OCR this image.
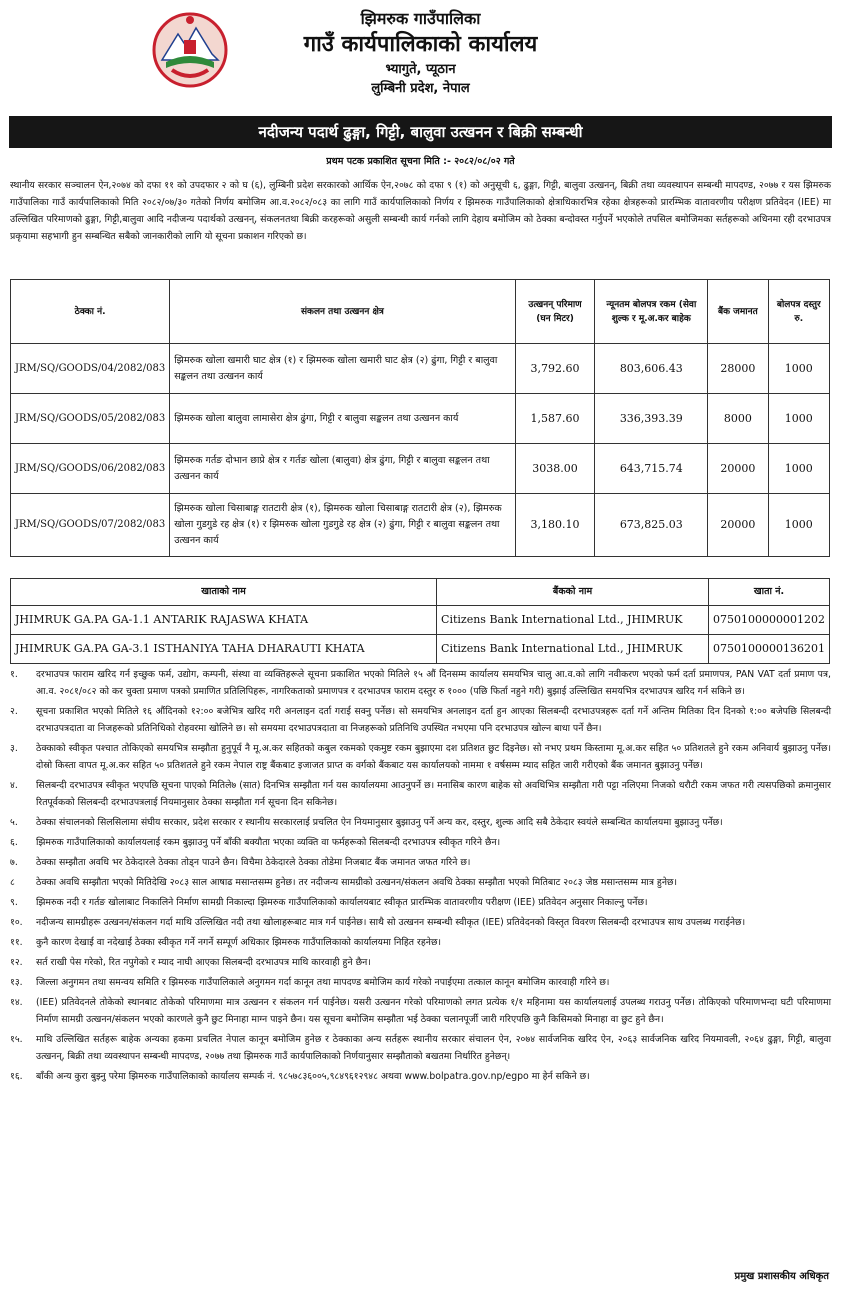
झिमरुक गाउँपालिका
गाउँ कार्यपालिकाको कार्यालय
भ्यागुते, प्यूठान
लुम्बिनी प्रदेश, नेपाल
नदीजन्य पदार्थ ढुङ्गा, गिट्टी, बालुवा उत्खनन र बिक्री सम्बन्धी
प्रथम पटक प्रकाशित सूचना मिति :- २०८२/०८/०२ गते
स्थानीय सरकार सञ्चालन ऐन,२०७४ को दफा ११ को उपदफार २ को घ (६), लुम्बिनी प्रदेश सरकारको आर्थिक ऐन,२०७८ को दफा ९ (१) को अनुसूची ६, ढुङ्गा, गिट्टी, बालुवा उत्खनन्, बिक्री तथा व्यवस्थापन सम्बन्धी मापदण्ड, २०७७ र यस झिमरुक गाउँपालिका गाउँ कार्यपालिकाको मिति २०८२/०७/३० गतेको निर्णय बमोजिम आ.व.२०८२/०८३ का लागि गाउँ कार्यपालिकाको निर्णय र झिमरुक गाउँपालिकाको क्षेत्राधिकारभित्र रहेका क्षेत्रहरूको प्रारम्भिक वातावरणीय परीक्षण प्रतिवेदन (IEE) मा उल्लिखित परिमाणको ढुङ्गा, गिट्टी,बालुवा आदि नदीजन्य पदार्थको उत्खनन्, संकलनतथा बिक्री करहरूको असुली सम्बन्धी कार्य गर्नको लागि देहाय बमोजिम को ठेक्का बन्दोवस्त गर्नुपर्ने भएकोले तपसिल बमोजिमका सर्तहरूको अधिनमा रही दरभाउपत्र प्रकृयामा सहभागी हुन सम्बन्धित सबैको जानकारीको लागि यो सूचना प्रकाशन गरिएको छ।
ठेक्का नं.	संकलन तथा उत्खनन क्षेत्र	उत्खनन् परिमाण (घन मिटर)	न्यूनतम बोलपत्र रकम (सेवा शुल्क र मू.अ.कर बाहेक	बैंक जमानत	बोलपत्र दस्तुर रु.
JRM/SQ/GOODS/04/2082/083	झिमरुक खोला खमारी घाट क्षेत्र (१) र झिमरुक खोला खमारी घाट क्षेत्र (२) ढुंगा, गिट्टी र बालुवा सङ्कलन तथा उत्खनन कार्य	3,792.60	803,606.43	28000	1000
JRM/SQ/GOODS/05/2082/083	झिमरुक खोला बालुवा लामासेरा क्षेत्र ढुंगा, गिट्टी र बालुवा सङ्कलन तथा उत्खनन कार्य	1,587.60	336,393.39	8000	1000
JRM/SQ/GOODS/06/2082/083	झिमरुक गर्तङ दोभान छाप्रे क्षेत्र र गर्तङ खोला (बालुवा) क्षेत्र ढुंगा, गिट्टी र बालुवा सङ्कलन तथा उत्खनन कार्य	3038.00	643,715.74	20000	1000
JRM/SQ/GOODS/07/2082/083	झिमरुक खोला चिसाबाङ्ग रातटारी क्षेत्र (१), झिमरुक खोला चिसाबाङ्ग रातटारी क्षेत्र (२), झिमरुक खोला गुडगुडे रह क्षेत्र (१) र झिमरुक खोला गुडगुडे रह क्षेत्र (२) ढुंगा, गिट्टी र बालुवा सङ्कलन तथा उत्खनन कार्य	3,180.10	673,825.03	20000	1000
खाताको नाम	बैंकको नाम	खाता नं.
JHIMRUK GA.PA GA-1.1 ANTARIK RAJASWA KHATA	Citizens Bank International Ltd., JHIMRUK	0750100000001202
JHIMRUK GA.PA GA-3.1 ISTHANIYA TAHA DHARAUTI KHATA	Citizens Bank International Ltd., JHIMRUK	0750100000136201
१.	दरभाउपत्र फाराम खरिद गर्न इच्छुक फर्म, उद्योग, कम्पनी, संस्था वा व्यक्तिहरूले सूचना प्रकाशित भएको मितिले १५ औं दिनसम्म कार्यालय समयभित्र चालु आ.व.को लागि नवीकरण भएको फर्म दर्ता प्रमाणपत्र, PAN VAT दर्ता प्रमाण पत्र, आ.व. २०८१/०८२ को कर चुक्ता प्रमाण पत्रको प्रमाणित प्रतिलिपिहरू, नागरिकताको प्रमाणपत्र र दरभाउपत्र फाराम दस्तुर रु १००० (पछि फिर्ता नहुने गरी) बुझाई उल्लिखित समयभित्र दरभाउपत्र खरिद गर्न सकिने छ।
२.	सूचना प्रकाशित भएको मितिले १६ औंदिनको १२:०० बजेभित्र खरिद गरी अनलाइन दर्ता गराई सक्नु पर्नेछ। सो समयभित्र अनलाइन दर्ता हुन आएका सिलबन्दी दरभाउपत्रहरू दर्ता गर्ने अन्तिम मितिका दिन दिनको १:०० बजेपछि सिलबन्दी दरभाउपत्रदाता वा निजहरूको प्रतिनिधिको रोहवरमा खोलिने छ। सो समयमा दरभाउपत्रदाता वा निजहरूको प्रतिनिधि उपस्थित नभएमा पनि दरभाउपत्र खोल्न बाधा पर्ने छैन।
३.	ठेक्काको स्वीकृत पश्चात तोकिएको समयभित्र सम्झौता हुनुपूर्व नै मू.अ.कर सहितको कबुल रकमको एकमुष्ट रकम बुझाएमा दश प्रतिशत छुट दिइनेछ। सो नभए प्रथम किस्तामा मू.अ.कर सहित ५० प्रतिशतले हुने रकम अनिवार्य बुझाउनु पर्नेछ। दोस्रो किस्ता वापत मू.अ.कर सहित ५० प्रतिशतले हुने रकम नेपाल राष्ट्र बैंकबाट इजाजत प्राप्त क वर्गको बैंकबाट यस कार्यालयको नाममा १ वर्षसम्म म्याद सहित जारी गरीएको बैंक जमानत बुझाउनु पर्नेछ।
४.	सिलबन्दी दरभाउपत्र स्वीकृत भएपछि सूचना पाएको मितिले७ (सात) दिनभित्र सम्झौता गर्न यस कार्यालयमा आउनुपर्ने छ। मनासिब कारण बाहेक सो अवधिभित्र सम्झौता गरी पट्टा नलिएमा निजको धरौटी रकम जफत गरी त्यसपछिको क्रमानुसार रितपूर्वकको सिलबन्दी दरभाउपत्रलाई नियमानुसार ठेक्का सम्झौता गर्न सूचना दिन सकिनेछ।
५.	ठेक्का संचालनको सिलसिलामा संघीय सरकार, प्रदेश सरकार र स्थानीय सरकारलाई प्रचलित ऐन नियमानुसार बुझाउनु पर्ने अन्य कर, दस्तुर, शुल्क आदि सबै ठेकेदार स्वयंले सम्बन्धित कार्यालयमा बुझाउनु पर्नेछ।
६.	झिमरुक गाउँपालिकाको कार्यालयलाई रकम बुझाउनु पर्ने बाँकी बक्यौता भएका व्यक्ति वा फर्महरूको सिलबन्दी दरभाउपत्र स्वीकृत गरिने छैन।
७.	ठेक्का सम्झौता अवधि भर ठेकेदारले ठेक्का तोड्न पाउने छैन। विचैमा ठेकेदारले ठेक्का तोडेमा निजबाट बैंक जमानत जफत गरिने छ।
८	ठेक्का अवधि सम्झौता भएको मितिदेखि २०८३ साल आषाढ मसान्तसम्म हुनेछ। तर नदीजन्य सामग्रीको उत्खनन/संकलन अवधि ठेक्का सम्झौता भएको मितिबाट २०८३ जेष्ठ मसान्तसम्म मात्र हुनेछ।
९.	झिमरुक नदी र गर्तङ खोलाबाट निकालिने निर्माण सामग्री निकाल्दा झिमरुक गाउँपालिकाको कार्यालयबाट स्वीकृत प्रारम्भिक वातावरणीय परीक्षण (IEE) प्रतिवेदन अनुसार निकाल्नु पर्नेछ।
१०.	नदीजन्य सामग्रीहरू उत्खनन/संकलन गर्दा माथि उल्लिखित नदी तथा खोलाहरूबाट मात्र गर्न पाईनेछ। साथै सो उत्खनन सम्बन्धी स्वीकृत (IEE) प्रतिवेदनको विस्तृत विवरण सिलबन्दी दरभाउपत्र साथ उपलब्ध गराईनेछ।
११.	कुनै कारण देखाई वा नदेखाई ठेक्का स्वीकृत गर्ने नगर्ने सम्पूर्ण अधिकार झिमरुक गाउँपालिकाको कार्यालयमा निहित रहनेछ।
१२.	सर्त राखी पेस गरेको, रित नपुगेको र म्याद नाघी आएका सिलबन्दी दरभाउपत्र माथि कारवाही हुने छैन।
१३.	जिल्ला अनुगमन तथा समन्वय समिति र झिमरुक गाउँपालिकाले अनुगमन गर्दा कानून तथा मापदण्ड बमोजिम कार्य गरेको नपाईएमा तत्काल कानून बमोजिम कारवाही गरिने छ।
१४.	(IEE) प्रतिवेदनले तोकेको स्थानबाट तोकेको परिमाणमा मात्र उत्खनन र संकलन गर्न पाईनेछ। यसरी उत्खनन गरेको परिमाणको लगत प्रत्येक १/१ महिनामा यस कार्यालयलाई उपलब्ध गराउनु पर्नेछ। तोकिएको परिमाणभन्दा घटी परिमाणमा निर्माण सामग्री उत्खनन/संकलन भएको कारणले कुनै छुट मिनाहा माग्न पाइने छैन। यस सूचना बमोजिम सम्झौता भई ठेक्का चलानपूर्जी जारी गरिएपछि कुनै किसिमको मिनाहा वा छुट हुने छैन।
१५.	माथि उल्लिखित सर्तहरू बाहेक अन्यका हकमा प्रचलित नेपाल कानून बमोजिम हुनेछ र ठेक्काका अन्य सर्तहरू स्थानीय सरकार संचालन ऐन, २०७४ सार्वजनिक खरिद ऐन, २०६३ सार्वजनिक खरिद नियमावली, २०६४ ढुङ्गा, गिट्टी, बालुवा उत्खनन्, बिक्री तथा व्यवस्थापन सम्बन्धी मापदण्ड, २०७७ तथा झिमरुक गाउँ कार्यपालिकाको निर्णयानुसार सम्झौताको बखतमा निर्धारित हुनेछन्।
१६.	बाँकी अन्य कुरा बुझ्नु परेमा झिमरुक गाउँपालिकाको कार्यालय सम्पर्क नं. ९८५७८३६००५,९८४९६१२९४८ अथवा www.bolpatra.gov.np/egpo मा हेर्न सकिने छ।
प्रमुख प्रशासकीय अधिकृत
